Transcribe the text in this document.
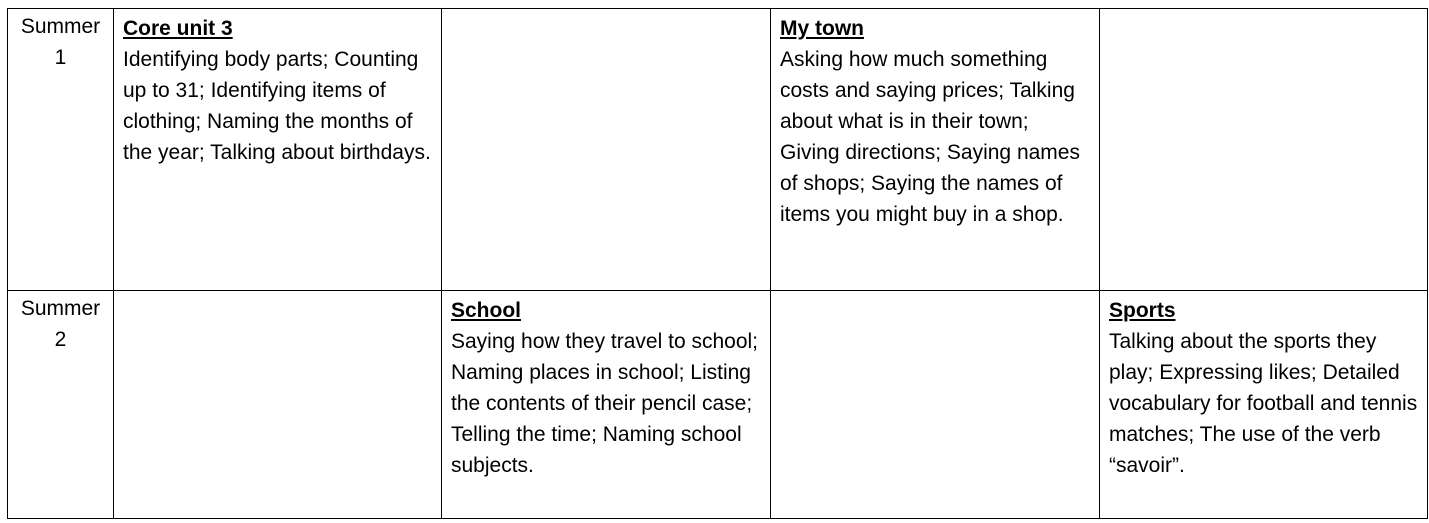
Summer
1	Core unit 3
Identifying body parts; Counting up to 31; Identifying items of clothing; Naming the months of the year; Talking about birthdays.		My town
Asking how much something costs and saying prices; Talking about what is in their town; Giving directions; Saying names of shops; Saying the names of items you might buy in a shop.	

Summer
2		School
Saying how they travel to school; Naming places in school; Listing the contents of their pencil case; Telling the time; Naming school subjects.		Sports
Talking about the sports they play; Expressing likes; Detailed vocabulary for football and tennis matches; The use of the verb “savoir”.
